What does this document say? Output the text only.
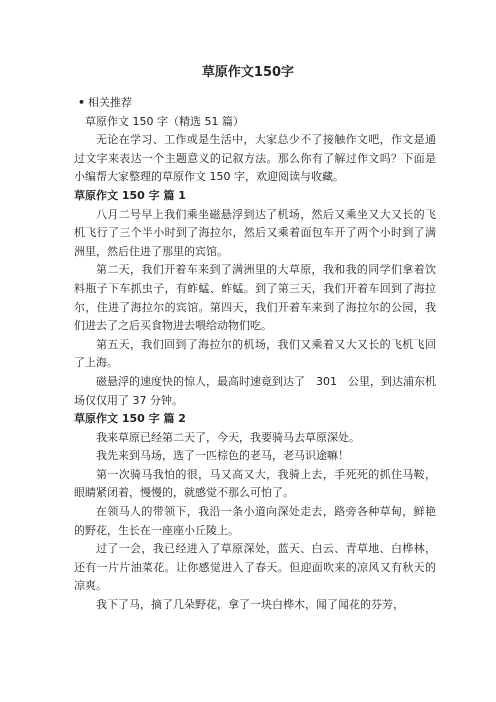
草原作文150字

• 相关推荐

草原作文 150 字（精选 51 篇）

无论在学习、工作或是生活中，大家总少不了接触作文吧，作文是通过文字来表达一个主题意义的记叙方法。那么你有了解过作文吗？下面是小编帮大家整理的草原作文 150 字，欢迎阅读与收藏。

草原作文 150 字 篇 1

八月二号早上我们乘坐磁悬浮到达了机场，然后又乘坐又大又长的飞机飞行了三个半小时到了海拉尔，然后又乘着面包车开了两个小时到了满洲里，然后住进了那里的宾馆。

第二天，我们开着车来到了满洲里的大草原，我和我的同学们拿着饮料瓶子下车抓虫子，有蚱蜢、蚱蜢。到了第三天，我们开着车回到了海拉尔，住进了海拉尔的宾馆。第四天，我们开着车来到了海拉尔的公园，我们进去了之后买食物进去喂给动物们吃。

第五天，我们回到了海拉尔的机场，我们又乘着又大又长的飞机飞回了上海。

磁悬浮的速度快的惊人，最高时速竟到达了　301　公里，到达浦东机场仅仅用了 37 分钟。

草原作文 150 字 篇 2

我来草原已经第二天了，今天，我要骑马去草原深处。

我先来到马场，选了一匹棕色的老马，老马识途嘛！

第一次骑马我怕的很，马又高又大，我骑上去，手死死的抓住马鞍，眼睛紧闭着，慢慢的，就感觉不那么可怕了。

在领马人的带领下，我沿一条小道向深处走去，路旁各种草甸，鲜艳的野花，生长在一座座小丘陵上。

过了一会，我已经进入了草原深处，蓝天、白云、青草地、白桦林，还有一片片油菜花。让你感觉进入了春天。但迎面吹来的凉风又有秋天的凉爽。

我下了马，摘了几朵野花，拿了一块白桦木，闻了闻花的芬芳，
